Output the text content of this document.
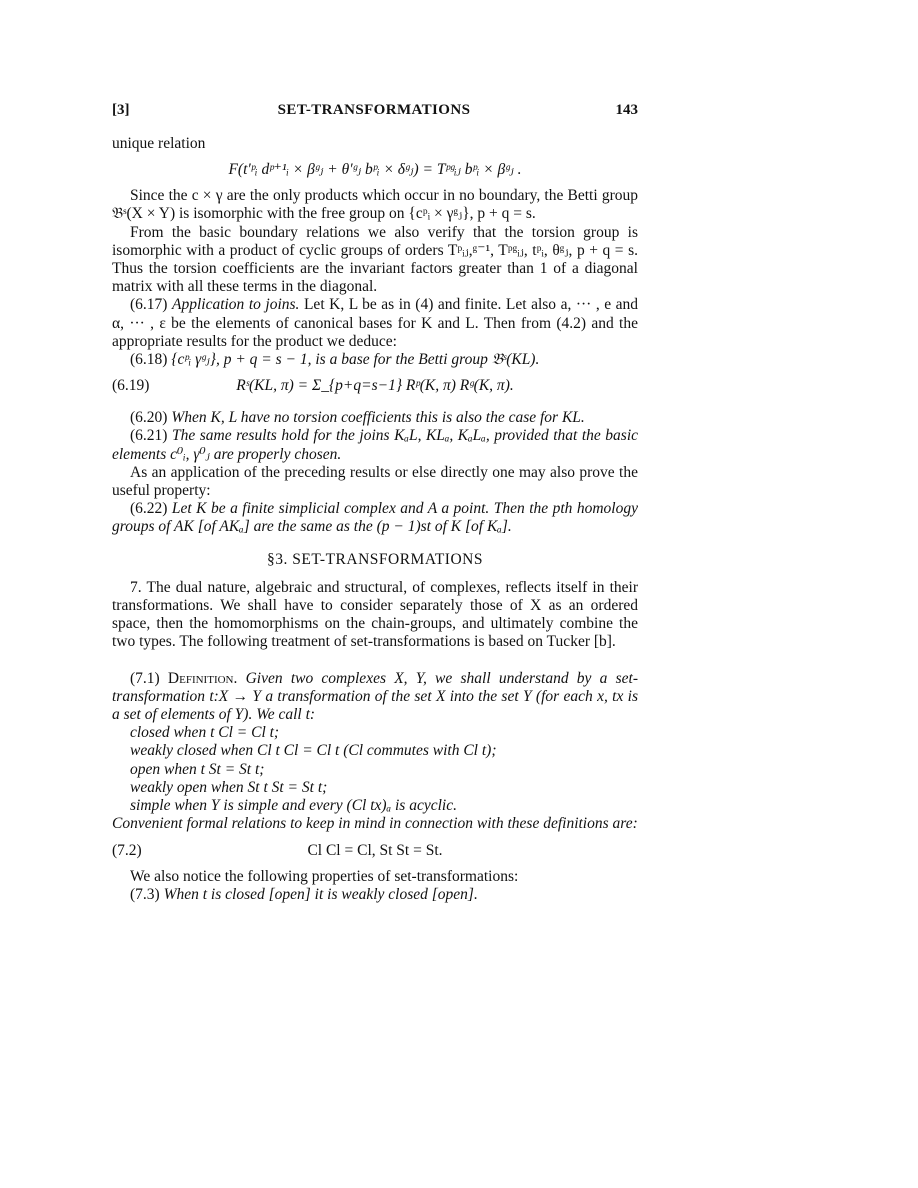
[3]	SET-TRANSFORMATIONS	143

unique relation

F(t′ᵖᵢ dᵖ⁺¹ᵢ × βᵍⱼ + θ′ᵍⱼ bᵖᵢ × δᵍⱼ) = Tᵖᵍᵢⱼ bᵖᵢ × βᵍⱼ .

Since the c × γ are the only products which occur in no boundary, the Betti group 𝔅ˢ(X × Y) is isomorphic with the free group on {cᵖᵢ × γᵍⱼ}, p + q = s.

From the basic boundary relations we also verify that the torsion group is isomorphic with a product of cyclic groups of orders Tᵖᵢⱼ,ᵍ⁻¹, Tᵖᵍᵢⱼ, tᵖᵢ, θᵍⱼ, p + q = s. Thus the torsion coefficients are the invariant factors greater than 1 of a diagonal matrix with all these terms in the diagonal.

(6.17) Application to joins. Let K, L be as in (4) and finite. Let also a, ··· , e and α, ··· , ε be the elements of canonical bases for K and L. Then from (4.2) and the appropriate results for the product we deduce:

(6.18) {cᵖᵢ γᵍⱼ}, p + q = s − 1, is a base for the Betti group 𝔅ˢ(KL).

(6.19)	Rˢ(KL, π) = Σ_{p+q=s−1} Rᵖ(K, π) Rᵍ(K, π).

(6.20) When K, L have no torsion coefficients this is also the case for KL.

(6.21) The same results hold for the joins KₐL, KLₐ, KₐLₐ, provided that the basic elements c⁰ᵢ, γ⁰ⱼ are properly chosen.

As an application of the preceding results or else directly one may also prove the useful property:

(6.22) Let K be a finite simplicial complex and A a point. Then the pth homology groups of AK [of AKₐ] are the same as the (p − 1)st of K [of Kₐ].

§3. SET-TRANSFORMATIONS

7. The dual nature, algebraic and structural, of complexes, reflects itself in their transformations. We shall have to consider separately those of X as an ordered space, then the homomorphisms on the chain-groups, and ultimately combine the two types. The following treatment of set-transformations is based on Tucker [b].

(7.1) Definition. Given two complexes X, Y, we shall understand by a set-transformation t:X → Y a transformation of the set X into the set Y (for each x, tx is a set of elements of Y). We call t:

closed when t Cl = Cl t;
weakly closed when Cl t Cl = Cl t (Cl commutes with Cl t);
open when t St = St t;
weakly open when St t St = St t;
simple when Y is simple and every (Cl tx)ₐ is acyclic.

Convenient formal relations to keep in mind in connection with these definitions are:

(7.2)	Cl Cl = Cl, St St = St.

We also notice the following properties of set-transformations:

(7.3) When t is closed [open] it is weakly closed [open].
